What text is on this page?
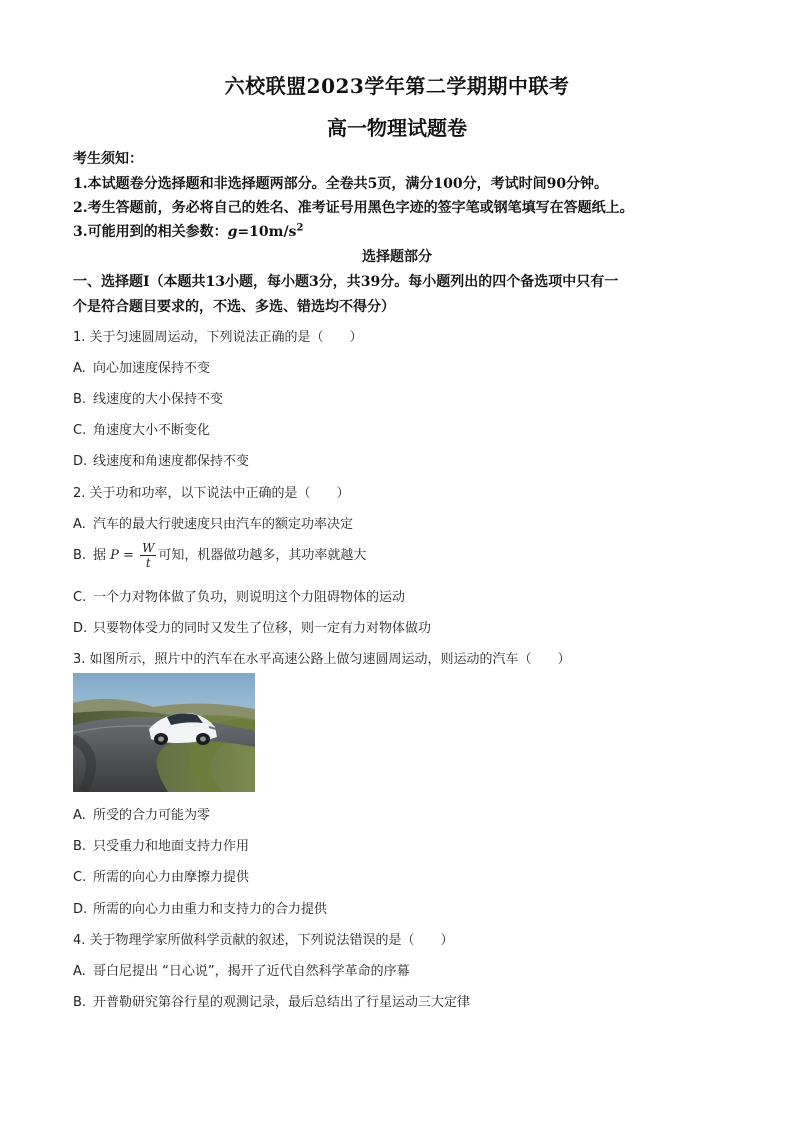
六校联盟2023学年第二学期期中联考
高一物理试题卷
考生须知：
1.本试题卷分选择题和非选择题两部分。全卷共5页，满分100分，考试时间90分钟。
2.考生答题前，务必将自己的姓名、准考证号用黑色字迹的签字笔或钢笔填写在答题纸上。
3.可能用到的相关参数：$g=10m/s^2$
选择题部分
一、选择题Ⅰ（本题共13小题，每小题3分，共39分。每小题列出的四个备选项中只有一
个是符合题目要求的，不选、多选、错选均不得分）
1. 关于匀速圆周运动，下列说法正确的是（　　）
A. 向心加速度保持不变
B. 线速度的大小保持不变
C. 角速度大小不断变化
D. 线速度和角速度都保持不变
2. 关于功和功率，以下说法中正确的是（　　）
A. 汽车的最大行驶速度只由汽车的额定功率决定
B. 据 $P = \frac{W}{t}$ 可知，机器做功越多，其功率就越大
C. 一个力对物体做了负功，则说明这个力阻碍物体的运动
D. 只要物体受力的同时又发生了位移，则一定有力对物体做功
3. 如图所示，照片中的汽车在水平高速公路上做匀速圆周运动，则运动的汽车（　　）
A. 所受的合力可能为零
B. 只受重力和地面支持力作用
C. 所需的向心力由摩擦力提供
D. 所需的向心力由重力和支持力的合力提供
4. 关于物理学家所做科学贡献的叙述，下列说法错误的是（　　）
A. 哥白尼提出 “日心说”，揭开了近代自然科学革命的序幕
B. 开普勒研究第谷行星的观测记录，最后总结出了行星运动三大定律
